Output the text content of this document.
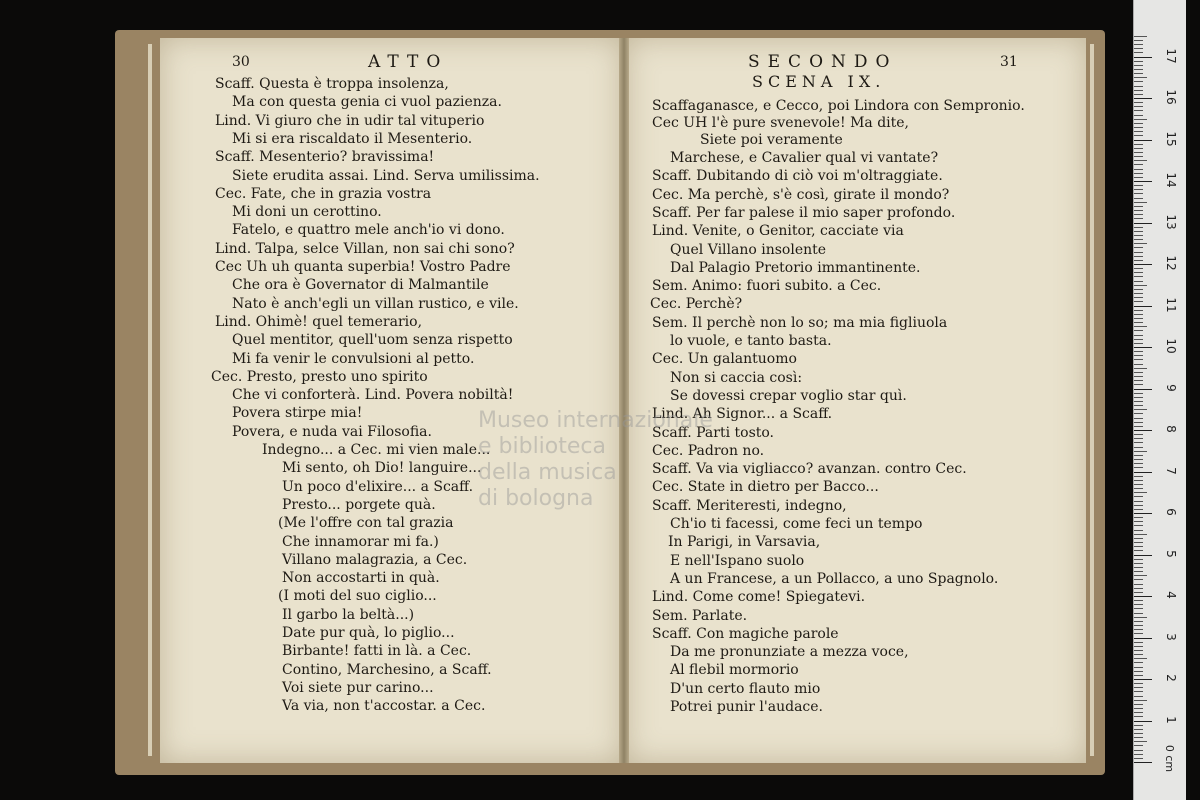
30	ATTO	SECONDO	31
SCENA IX.
Scaff. Questa è troppa insolenza,
Ma con questa genia ci vuol pazienza.
Lind. Vi giuro che in udir tal vituperio
Mi si era riscaldato il Mesenterio.
Scaff. Mesenterio? bravissima!
Siete erudita assai. Lind. Serva umilissima.
Cec. Fate, che in grazia vostra
Mi doni un cerottino.
Fatelo, e quattro mele anch'io vi dono.
Lind. Talpa, selce Villan, non sai chi sono?
Cec Uh uh quanta superbia! Vostro Padre
Che ora è Governator di Malmantile
Nato è anch'egli un villan rustico, e vile.
Lind. Ohimè! quel temerario,
Quel mentitor, quell'uom senza rispetto
Mi fa venir le convulsioni al petto.
Cec. Presto, presto uno spirito
Che vi conforterà. Lind. Povera nobiltà!
Povera stirpe mia!
Povera, e nuda vai Filosofia.
Indegno... a Cec. mi vien male...
Mi sento, oh Dio! languire...
Un poco d'elixire... a Scaff.
Presto... porgete quà.
(Me l'offre con tal grazia
Che innamorar mi fa.)
Villano malagrazia, a Cec.
Non accostarti in quà.
(I moti del suo ciglio...
Il garbo la beltà...)
Date pur quà, lo piglio...
Birbante! fatti in là. a Cec.
Contino, Marchesino, a Scaff.
Voi siete pur carino...
Va via, non t'accostar. a Cec.
Scaffaganasce, e Cecco, poi Lindora con Sempronio.
Cec UH l'è pure svenevole! Ma dite,
Siete poi veramente
Marchese, e Cavalier qual vi vantate?
Scaff. Dubitando di ciò voi m'oltraggiate.
Cec. Ma perchè, s'è così, girate il mondo?
Scaff. Per far palese il mio saper profondo.
Lind. Venite, o Genitor, cacciate via
Quel Villano insolente
Dal Palagio Pretorio immantinente.
Sem. Animo: fuori subito. a Cec.
Cec. Perchè?
Sem. Il perchè non lo so; ma mia figliuola
lo vuole, e tanto basta.
Cec. Un galantuomo
Non si caccia così:
Se dovessi crepar voglio star quì.
Lind. Ah Signor... a Scaff.
Scaff. Parti tosto.
Cec. Padron no.
Scaff. Va via vigliacco? avanzan. contro Cec.
Cec. State in dietro per Bacco...
Scaff. Meriteresti, indegno,
Ch'io ti facessi, come feci un tempo
In Parigi, in Varsavia,
E nell'Ispano suolo
A un Francese, a un Pollacco, a uno Spagnolo.
Lind. Come come! Spiegatevi.
Sem. Parlate.
Scaff. Con magiche parole
Da me pronunziate a mezza voce,
Al flebil mormorio
D'un certo flauto mio
Potrei punir l'audace.
Museo internazionale
e biblioteca
della musica
di bologna
0 cm
1
2
3
4
5
6
7
8
9
10
11
12
13
14
15
16
17
